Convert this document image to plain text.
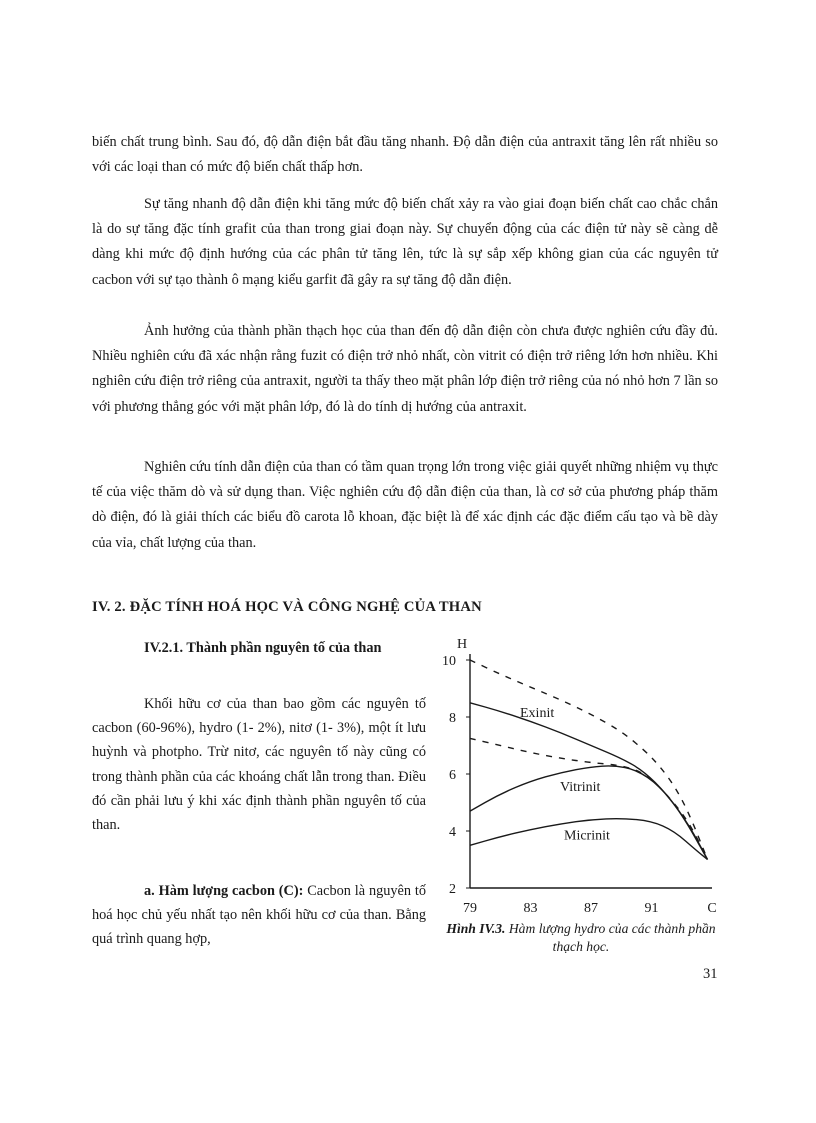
biến chất trung bình. Sau đó, độ dẫn điện bắt đầu tăng nhanh. Độ dẫn điện của antraxit tăng lên rất nhiều so với các loại than có mức độ biến chất thấp hơn.

Sự tăng nhanh độ dẫn điện khi tăng mức độ biến chất xảy ra vào giai đoạn biến chất cao chắc chắn là do sự tăng đặc tính grafit của than trong giai đoạn này. Sự chuyển động của các điện tử này sẽ càng dễ dàng khi mức độ định hướng của các phân tử tăng lên, tức là sự sắp xếp không gian của các nguyên tử cacbon với sự tạo thành ô mạng kiểu garfit đã gây ra sự tăng độ dẫn điện.

Ảnh hưởng của thành phần thạch học của than đến độ dẫn điện còn chưa được nghiên cứu đầy đủ. Nhiều nghiên cứu đã xác nhận rằng fuzit có điện trở nhỏ nhất, còn vitrit có điện trở riêng lớn hơn nhiều. Khi nghiên cứu điện trở riêng của antraxit, người ta thấy theo mặt phân lớp điện trở riêng của nó nhỏ hơn 7 lần so với phương thẳng góc với mặt phân lớp, đó là do tính dị hướng của antraxit.

Nghiên cứu tính dẫn điện của than có tầm quan trọng lớn trong việc giải quyết những nhiệm vụ thực tế của việc thăm dò và sử dụng than. Việc nghiên cứu độ dẫn điện của than, là cơ sở của phương pháp thăm dò điện, đó là giải thích các biểu đồ carota lỗ khoan, đặc biệt là để xác định các đặc điểm cấu tạo và bề dày của vỉa, chất lượng của than.

IV. 2. ĐẶC TÍNH HOÁ HỌC VÀ CÔNG NGHỆ CỦA THAN

IV.2.1. Thành phần nguyên tố của than

Khối hữu cơ của than bao gồm các nguyên tố cacbon (60-96%), hydro (1- 2%), nitơ (1- 3%), một ít lưu huỳnh và photpho. Trừ nitơ, các nguyên tố này cũng có trong thành phần của các khoáng chất lẫn trong than. Điều đó cần phải lưu ý khi xác định thành phần nguyên tố của than.

a. Hàm lượng cacbon (C): Cacbon là nguyên tố hoá học chủ yếu nhất tạo nên khối hữu cơ của than. Bằng quá trình quang hợp,

H
C
2
4
6
8
10
79	83	87	91
Exinit
Vitrinit
Micrinit

Hình IV.3. Hàm lượng hydro của các thành phần thạch học.

31
